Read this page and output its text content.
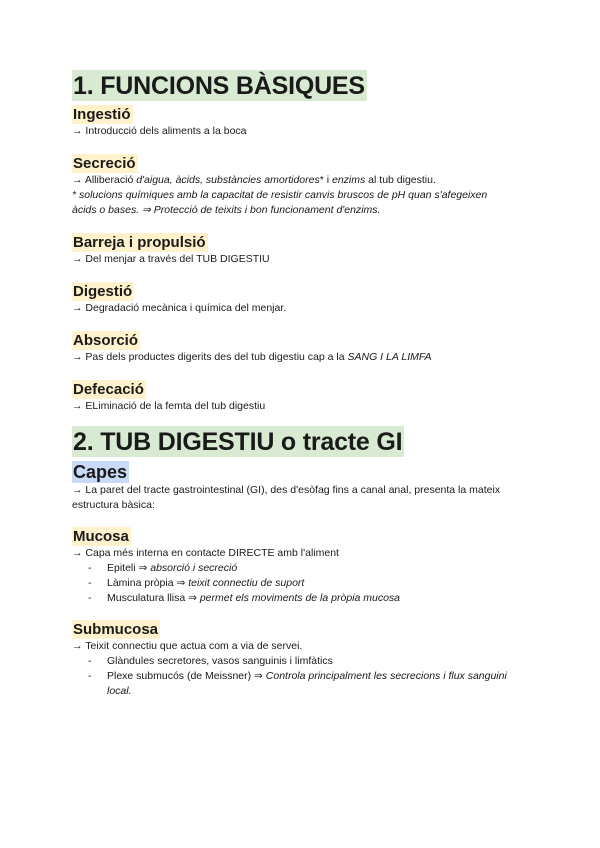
1. FUNCIONS BÀSIQUES
Ingestió

→ Introducció dels aliments a la boca

Secreció

→ Alliberació d'aigua, àcids, substàncies amortidores* i enzims al tub digestiu.

* solucions químiques amb la capacitat de resistir canvis bruscos de pH quan s'afegeixen

àcids o bases. ⇒ Protecció de teixits i bon funcionament d'enzims.

Barreja i propulsió

→ Del menjar a través del TUB DIGESTIU

Digestió

→ Degradació mecànica i química del menjar.

Absorció

→ Pas dels productes digerits des del tub digestiu cap a la SANG I LA LIMFA

Defecació

→ ELiminació de la femta del tub digestiu

2. TUB DIGESTIU o tracte GI
Capes

→ La paret del tracte gastrointestinal (GI), des d'esòfag fins a canal anal, presenta la mateix

estructura bàsica:

Mucosa

→ Capa més interna en contacte DIRECTE amb l'aliment

- Epiteli ⇒ absorció i secreció
- Làmina pròpia ⇒ teixit connectiu de suport
- Musculatura llisa ⇒ permet els moviments de la pròpia mucosa
Submucosa

→ Teixit connectiu que actua com a via de servei.

- Glàndules secretores, vasos sanguinis i limfàtics
- Plexe submucós (de Meissner) ⇒ Controla principalment les secrecions i flux sanguini local.
